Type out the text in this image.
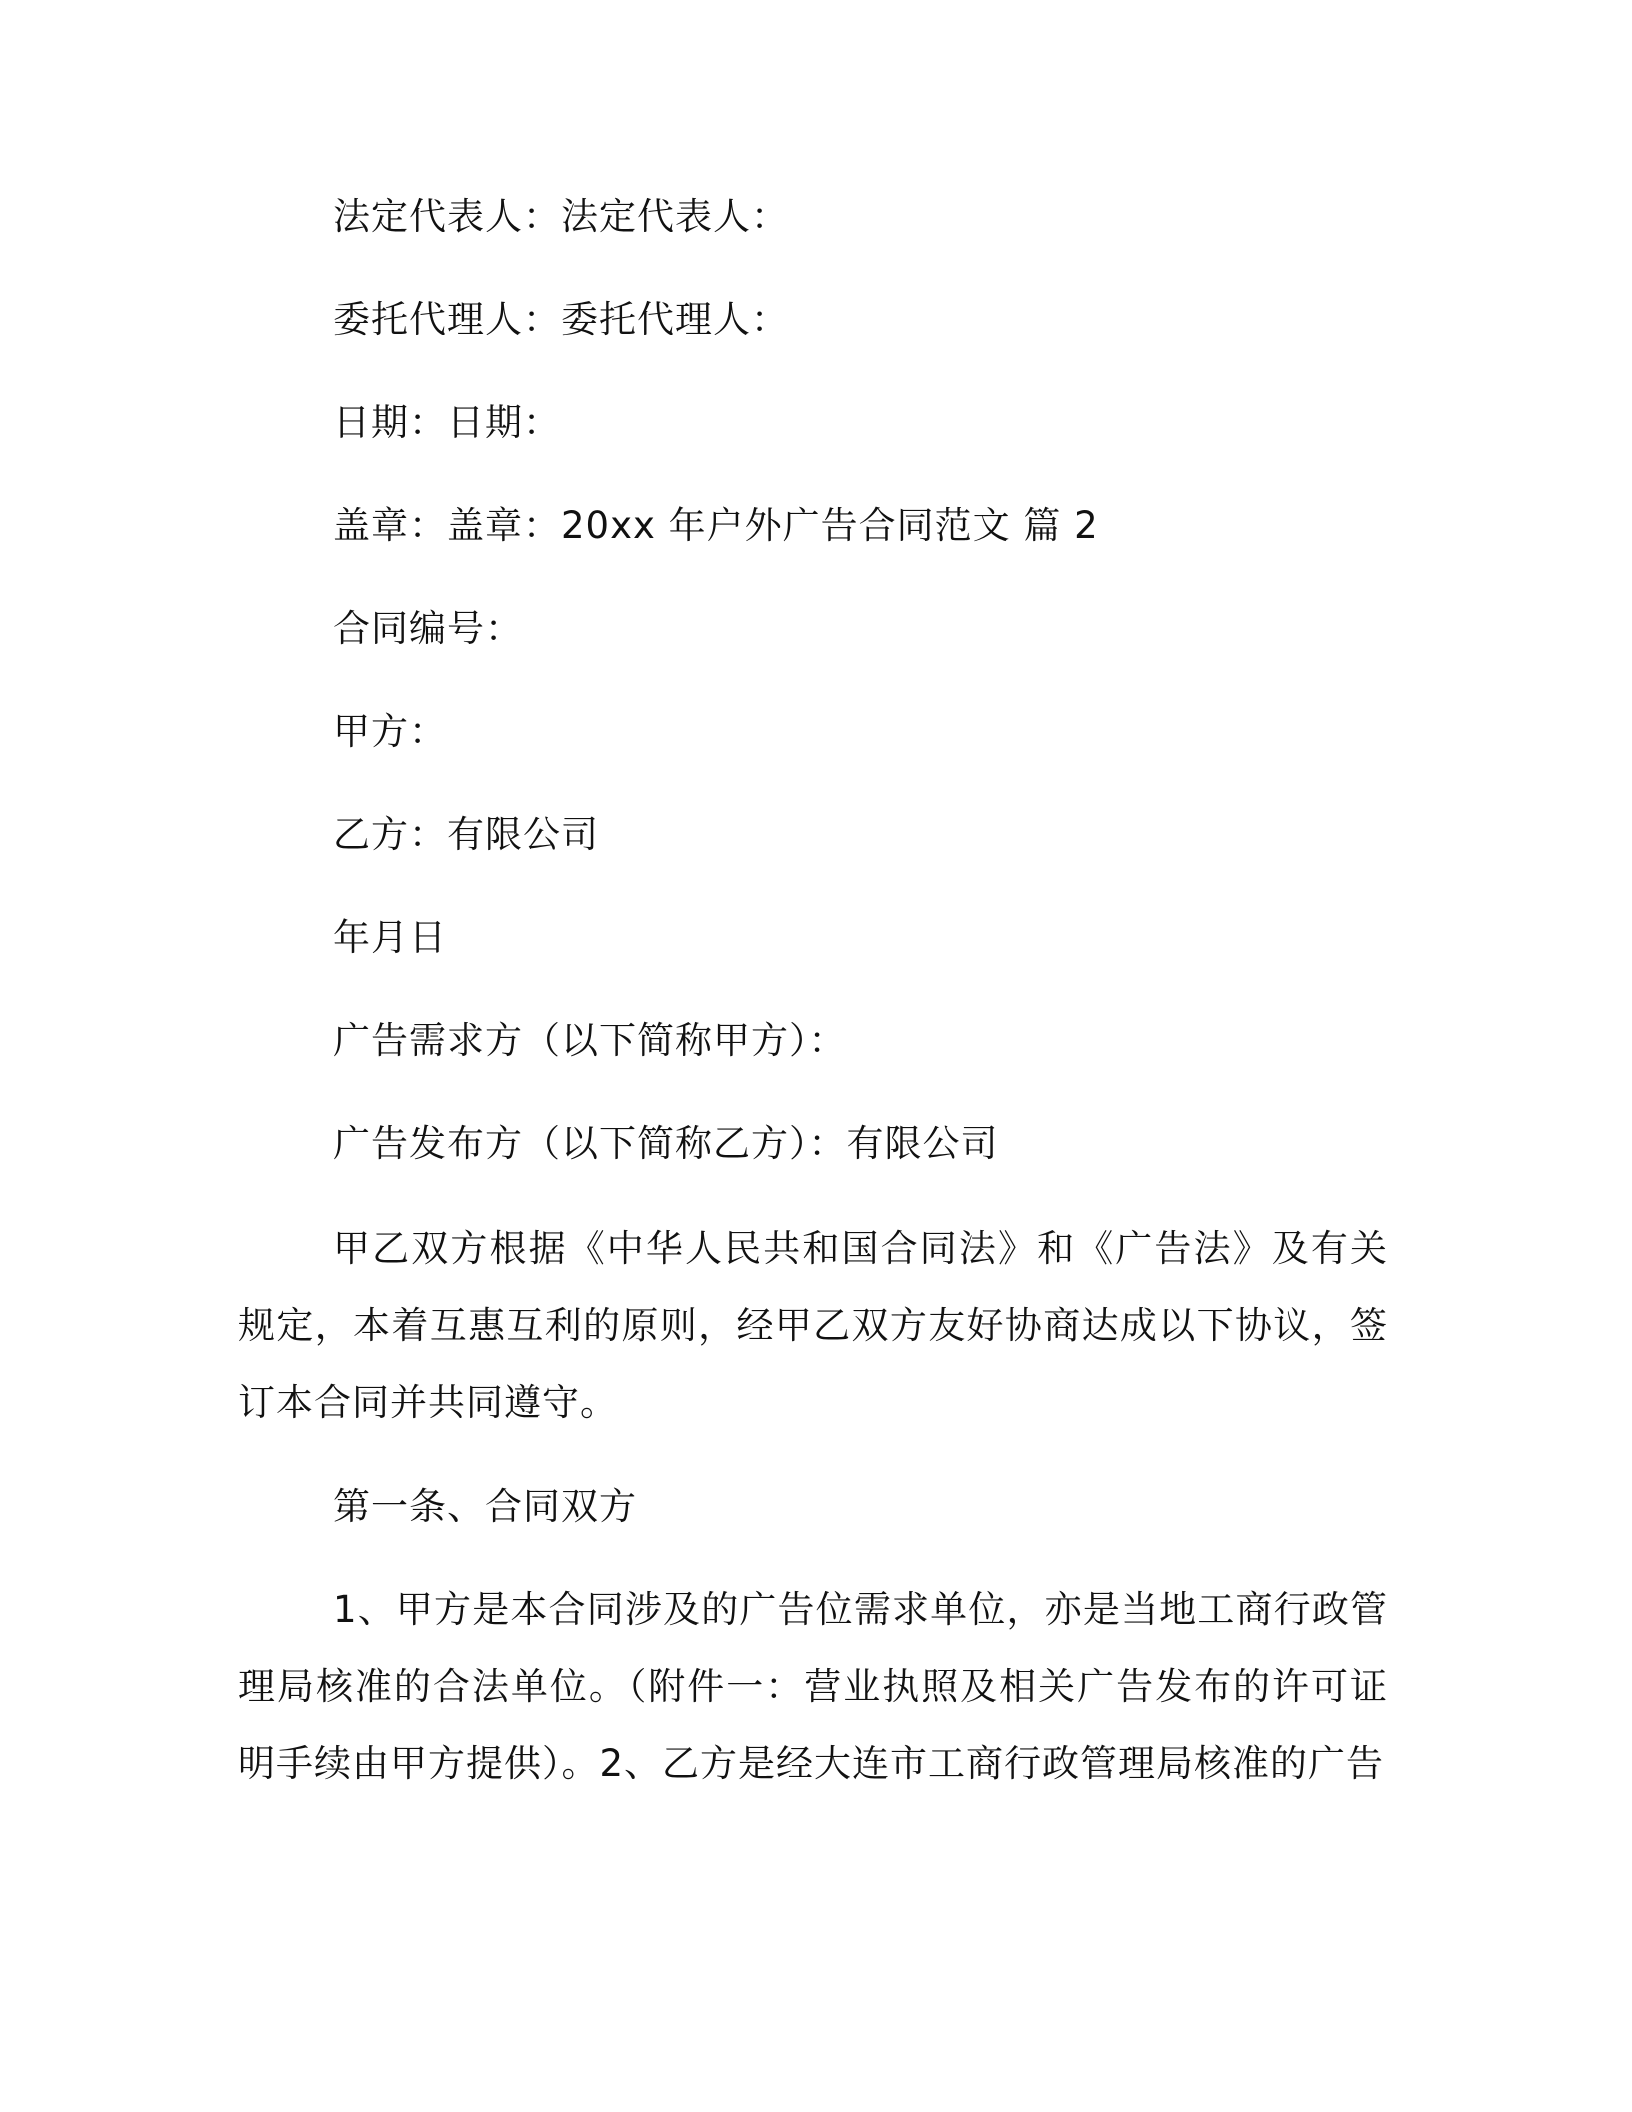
法定代表人：法定代表人：
委托代理人：委托代理人：
日期：日期：
盖章：盖章：20xx 年户外广告合同范文 篇 2
合同编号：
甲方：
乙方：有限公司
年月日
广告需求方（以下简称甲方）：
广告发布方（以下简称乙方）：有限公司
甲乙双方根据《中华人民共和国合同法》和《广告法》及有关规定，本着互惠互利的原则，经甲乙双方友好协商达成以下协议，签订本合同并共同遵守。
第一条、合同双方
1、甲方是本合同涉及的广告位需求单位，亦是当地工商行政管理局核准的合法单位。（附件一：营业执照及相关广告发布的许可证明手续由甲方提供）。2、乙方是经大连市工商行政管理局核准的广告
